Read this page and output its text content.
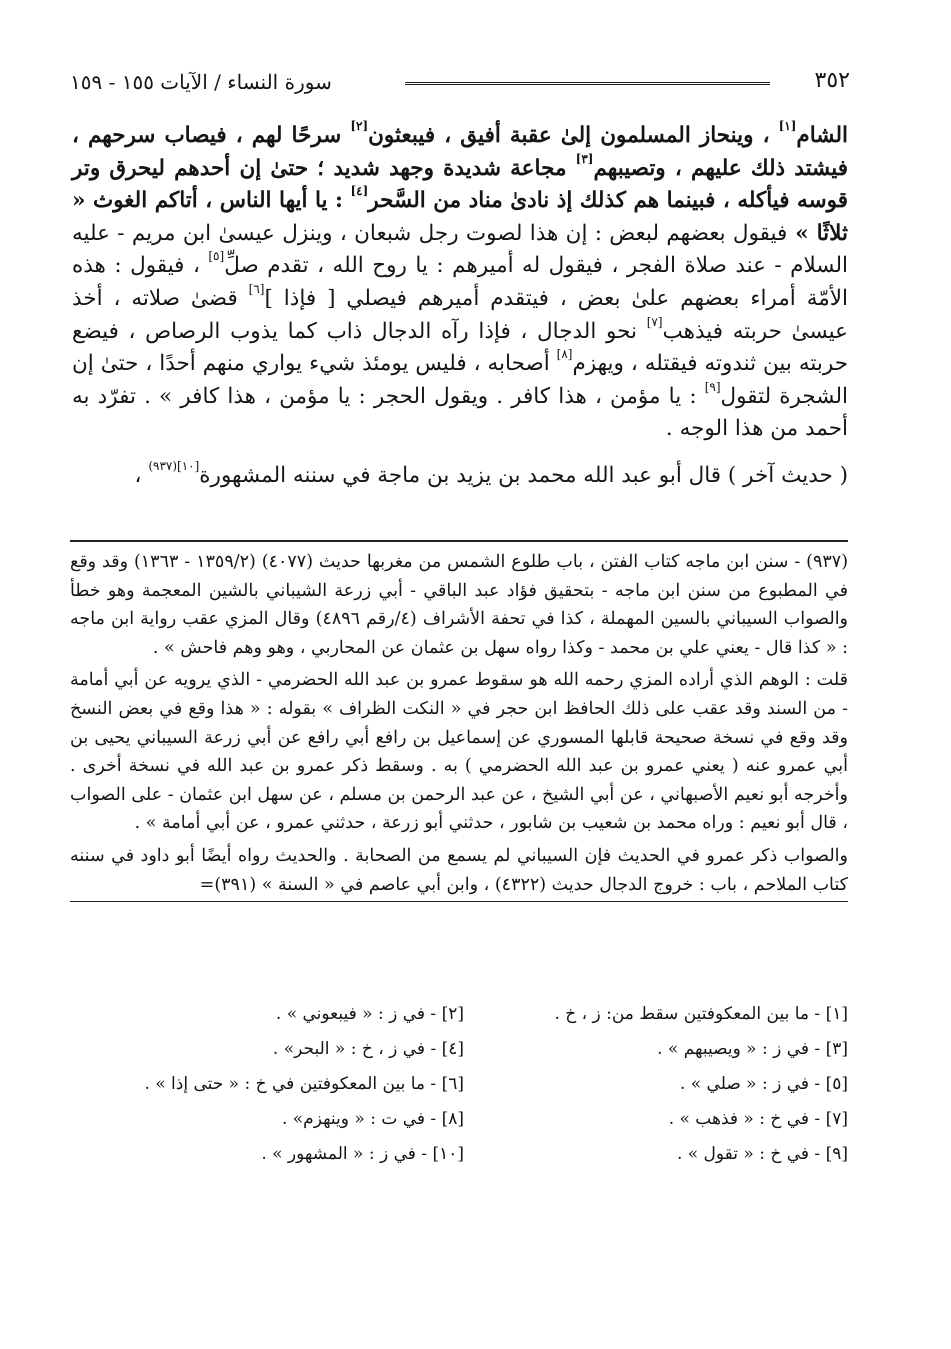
٣٥٢
سورة النساء / الآيات ١٥٥ - ١٥٩

الشام[١] ، وينحاز المسلمون إلىٰ عقبة أفيق ، فيبعثون[٢] سرحًا لهم ، فيصاب سرحهم ، فيشتد ذلك عليهم ، وتصيبهم[٣] مجاعة شديدة وجهد شديد ؛ حتىٰ إن أحدهم ليحرق وتر قوسه فيأكله ، فبينما هم كذلك إذ نادىٰ مناد من السَّحر[٤] : يا أيها الناس ، أتاكم الغوث « ثلاثًا » فيقول بعضهم لبعض : إن هذا لصوت رجل شبعان ، وينزل عيسىٰ ابن مريم - عليه السلام - عند صلاة الفجر ، فيقول له أميرهم : يا روح الله ، تقدم صلِّ[٥] ، فيقول : هذه الأمّة أمراء بعضهم علىٰ بعض ، فيتقدم أميرهم فيصلي [ فإذا ][٦] قضىٰ صلاته ، أخذ عيسىٰ حربته فيذهب[٧] نحو الدجال ، فإذا رآه الدجال ذاب كما يذوب الرصاص ، فيضع حربته بين ثندوته فيقتله ، ويهزم[٨] أصحابه ، فليس يومئذ شيء يواري منهم أحدًا ، حتىٰ إن الشجرة لتقول[٩] : يا مؤمن ، هذا كافر . ويقول الحجر : يا مؤمن ، هذا كافر » . تفرّد به أحمد من هذا الوجه .

( حديث آخر ) قال أبو عبد الله محمد بن يزيد بن ماجة في سننه المشهورة$^{[١٠](٩٣٧)}$ ،

(٩٣٧) - سنن ابن ماجه كتاب الفتن ، باب طلوع الشمس من مغربها حديث (٤٠٧٧) (١٣٥٩/٢ - ١٣٦٣) وقد وقع في المطبوع من سنن ابن ماجه - بتحقيق فؤاد عبد الباقي - أبي زرعة الشيباني بالشين المعجمة وهو خطأ والصواب السيباني بالسين المهملة ، كذا في تحفة الأشراف (٤/رقم ٤٨٩٦) وقال المزي عقب رواية ابن ماجه : « كذا قال - يعني علي بن محمد - وكذا رواه سهل بن عثمان عن المحاربي ، وهو وهم فاحش » .

قلت : الوهم الذي أراده المزي رحمه الله هو سقوط عمرو بن عبد الله الحضرمي - الذي يرويه عن أبي أمامة - من السند وقد عقب على ذلك الحافظ ابن حجر في « النكت الظراف » بقوله : « هذا وقع في بعض النسخ وقد وقع في نسخة صحيحة قابلها المسوري عن إسماعيل بن رافع أبي رافع عن أبي زرعة السيباني يحيى بن أبي عمرو عنه ( يعني عمرو بن عبد الله الحضرمي ) به . وسقط ذكر عمرو بن عبد الله في نسخة أخرى . وأخرجه أبو نعيم الأصبهاني ، عن أبي الشيخ ، عن عبد الرحمن بن مسلم ، عن سهل ابن عثمان - على الصواب ، قال أبو نعيم : وراه محمد بن شعيب بن شابور ، حدثني أبو زرعة ، حدثني عمرو ، عن أبي أمامة » .

والصواب ذكر عمرو في الحديث فإن السيباني لم يسمع من الصحابة . والحديث رواه أيضًا أبو داود في سننه كتاب الملاحم ، باب : خروج الدجال حديث (٤٣٢٢) ، وابن أبي عاصم في « السنة » (٣٩١)=

[١] - ما بين المعكوفتين سقط من: ز ، خ .
[٢] - في ز : « فيبعوني » .
[٣] - في ز : « ويصيبهم » .
[٤] - في ز ، خ : « البحر» .
[٥] - في ز : « صلي » .
[٦] - ما بين المعكوفتين في خ : « حتى إذا » .
[٧] - في خ : « فذهب » .
[٨] - في ت : « وينهزم» .
[٩] - في خ : « تقول » .
[١٠] - في ز : « المشهور » .
